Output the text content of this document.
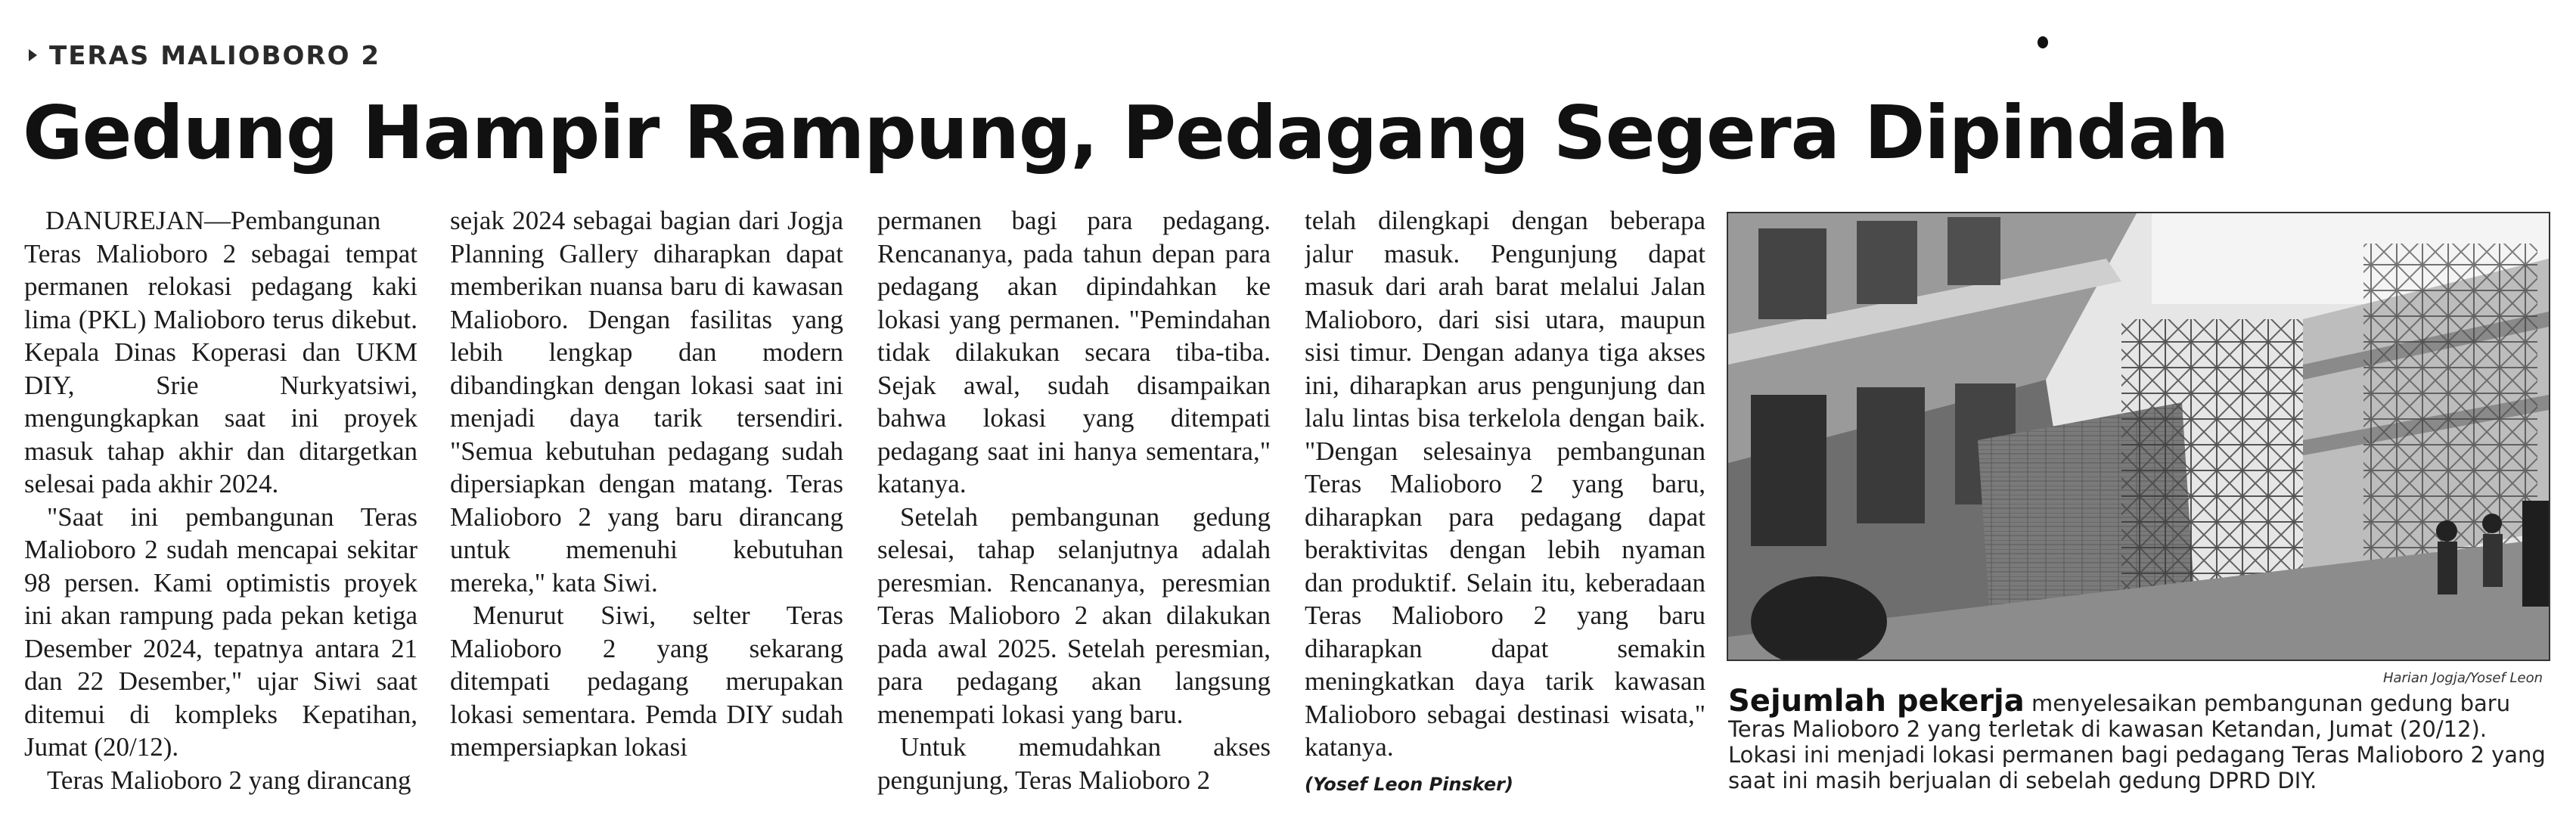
TERAS MALIOBORO 2
Gedung Hampir Rampung, Pedagang Segera Dipindah

DANUREJAN—Pembangunan Teras Malioboro 2 sebagai tempat permanen relokasi pedagang kaki lima (PKL) Malioboro terus dikebut. Kepala Dinas Koperasi dan UKM DIY, Srie Nurkyatsiwi, mengungkapkan saat ini proyek masuk tahap akhir dan ditargetkan selesai pada akhir 2024.

"Saat ini pembangunan Teras Malioboro 2 sudah mencapai sekitar 98 persen. Kami optimistis proyek ini akan rampung pada pekan ketiga Desember 2024, tepatnya antara 21 dan 22 Desember," ujar Siwi saat ditemui di kompleks Kepatihan, Jumat (20/12).

Teras Malioboro 2 yang dirancang

sejak 2024 sebagai bagian dari Jogja Planning Gallery diharapkan dapat memberikan nuansa baru di kawasan Malioboro. Dengan fasilitas yang lebih lengkap dan modern dibandingkan dengan lokasi saat ini menjadi daya tarik tersendiri. "Semua kebutuhan pedagang sudah dipersiapkan dengan matang. Teras Malioboro 2 yang baru dirancang untuk memenuhi kebutuhan mereka," kata Siwi.

Menurut Siwi, selter Teras Malioboro 2 yang sekarang ditempati pedagang merupakan lokasi sementara. Pemda DIY sudah mempersiapkan lokasi

permanen bagi para pedagang. Rencananya, pada tahun depan para pedagang akan dipindahkan ke lokasi yang permanen. "Pemindahan tidak dilakukan secara tiba-tiba. Sejak awal, sudah disampaikan bahwa lokasi yang ditempati pedagang saat ini hanya sementara," katanya.

Setelah pembangunan gedung selesai, tahap selanjutnya adalah peresmian. Rencananya, peresmian Teras Malioboro 2 akan dilakukan pada awal 2025. Setelah peresmian, para pedagang akan langsung menempati lokasi yang baru.

Untuk memudahkan akses pengunjung, Teras Malioboro 2

telah dilengkapi dengan beberapa jalur masuk. Pengunjung dapat masuk dari arah barat melalui Jalan Malioboro, dari sisi utara, maupun sisi timur. Dengan adanya tiga akses ini, diharapkan arus pengunjung dan lalu lintas bisa terkelola dengan baik. "Dengan selesainya pembangunan Teras Malioboro 2 yang baru, diharapkan para pedagang dapat beraktivitas dengan lebih nyaman dan produktif. Selain itu, keberadaan Teras Malioboro 2 yang baru diharapkan dapat semakin meningkatkan daya tarik kawasan Malioboro sebagai destinasi wisata," katanya.

(Yosef Leon Pinsker)
Harian Jogja/Yosef Leon
Sejumlah pekerja menyelesaikan pembangunan gedung baru Teras Malioboro 2 yang terletak di kawasan Ketandan, Jumat (20/12). Lokasi ini menjadi lokasi permanen bagi pedagang Teras Malioboro 2 yang saat ini masih berjualan di sebelah gedung DPRD DIY.
